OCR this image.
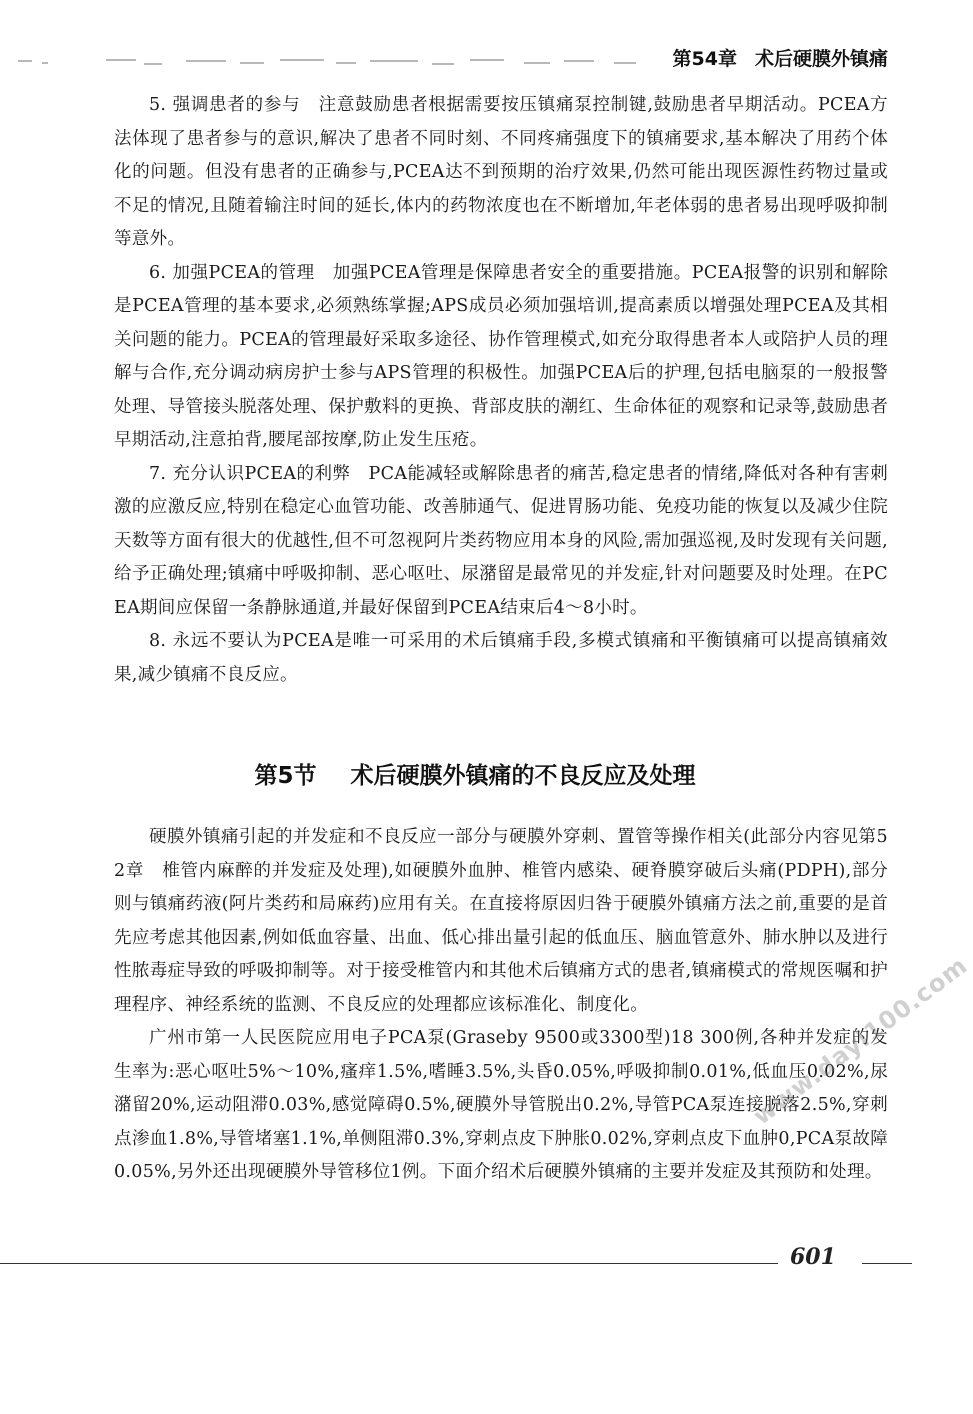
第54章 术后硬膜外镇痛

5. 强调患者的参与　注意鼓励患者根据需要按压镇痛泵控制键,鼓励患者早期活动。PCEA方法体现了患者参与的意识,解决了患者不同时刻、不同疼痛强度下的镇痛要求,基本解决了用药个体化的问题。但没有患者的正确参与,PCEA达不到预期的治疗效果,仍然可能出现医源性药物过量或不足的情况,且随着输注时间的延长,体内的药物浓度也在不断增加,年老体弱的患者易出现呼吸抑制等意外。

6. 加强PCEA的管理　加强PCEA管理是保障患者安全的重要措施。PCEA报警的识别和解除是PCEA管理的基本要求,必须熟练掌握;APS成员必须加强培训,提高素质以增强处理PCEA及其相关问题的能力。PCEA的管理最好采取多途径、协作管理模式,如充分取得患者本人或陪护人员的理解与合作,充分调动病房护士参与APS管理的积极性。加强PCEA后的护理,包括电脑泵的一般报警处理、导管接头脱落处理、保护敷料的更换、背部皮肤的潮红、生命体征的观察和记录等,鼓励患者早期活动,注意拍背,腰尾部按摩,防止发生压疮。

7. 充分认识PCEA的利弊　PCA能减轻或解除患者的痛苦,稳定患者的情绪,降低对各种有害刺激的应激反应,特别在稳定心血管功能、改善肺通气、促进胃肠功能、免疫功能的恢复以及减少住院天数等方面有很大的优越性,但不可忽视阿片类药物应用本身的风险,需加强巡视,及时发现有关问题,给予正确处理;镇痛中呼吸抑制、恶心呕吐、尿潴留是最常见的并发症,针对问题要及时处理。在PCEA期间应保留一条静脉通道,并最好保留到PCEA结束后4～8小时。

8. 永远不要认为PCEA是唯一可采用的术后镇痛手段,多模式镇痛和平衡镇痛可以提高镇痛效果,减少镇痛不良反应。

第5节 术后硬膜外镇痛的不良反应及处理

硬膜外镇痛引起的并发症和不良反应一部分与硬膜外穿刺、置管等操作相关(此部分内容见第52章　椎管内麻醉的并发症及处理),如硬膜外血肿、椎管内感染、硬脊膜穿破后头痛(PDPH),部分则与镇痛药液(阿片类药和局麻药)应用有关。在直接将原因归咎于硬膜外镇痛方法之前,重要的是首先应考虑其他因素,例如低血容量、出血、低心排出量引起的低血压、脑血管意外、肺水肿以及进行性脓毒症导致的呼吸抑制等。对于接受椎管内和其他术后镇痛方式的患者,镇痛模式的常规医嘱和护理程序、神经系统的监测、不良反应的处理都应该标准化、制度化。

广州市第一人民医院应用电子PCA泵(Graseby 9500或3300型)18 300例,各种并发症的发生率为:恶心呕吐5%～10%,瘙痒1.5%,嗜睡3.5%,头昏0.05%,呼吸抑制0.01%,低血压0.02%,尿潴留20%,运动阻滞0.03%,感觉障碍0.5%,硬膜外导管脱出0.2%,导管PCA泵连接脱落2.5%,穿刺点渗血1.8%,导管堵塞1.1%,单侧阻滞0.3%,穿刺点皮下肿胀0.02%,穿刺点皮下血肿0,PCA泵故障0.05%,另外还出现硬膜外导管移位1例。下面介绍术后硬膜外镇痛的主要并发症及其预防和处理。

601
www.dayi100.com
